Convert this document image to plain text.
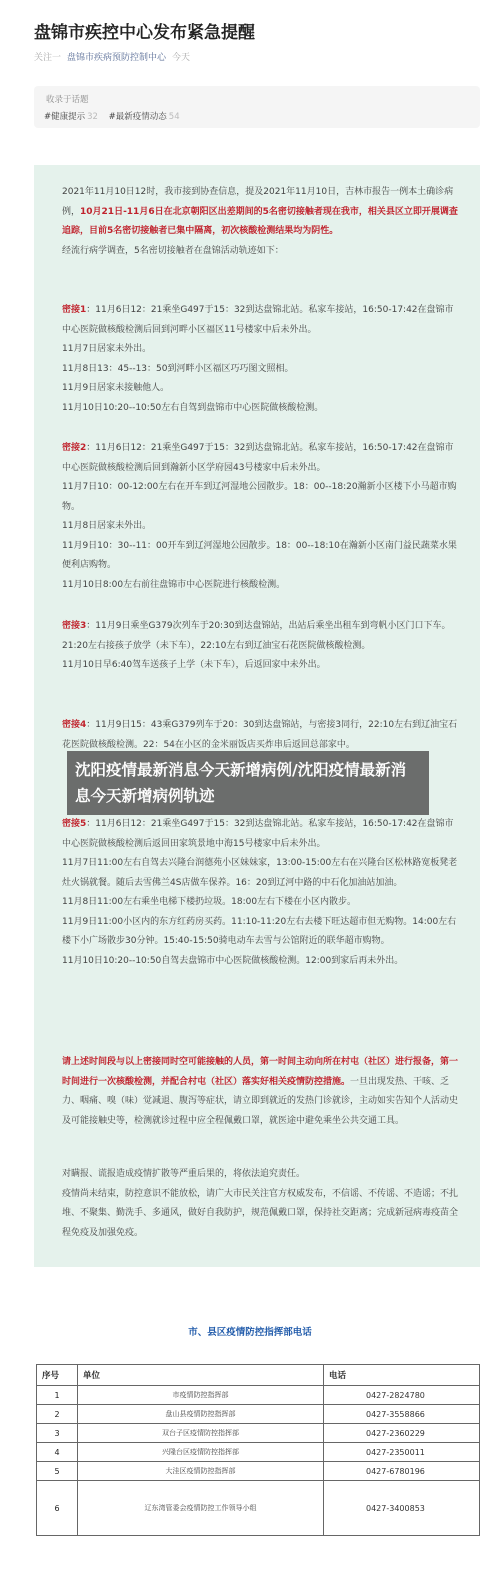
盘锦市疾控中心发布紧急提醒
关注一 盘锦市疾病预防控制中心 今天
收录于话题
#健康提示 32 #最新疫情动态 54
2021年11月10日12时，我市接到协查信息，提及2021年11月10日，吉林市报告一例本土确诊病例，10月21日-11月6日在北京朝阳区出差期间的5名密切接触者现在我市，相关县区立即开展调查追踪，目前5名密切接触者已集中隔离，初次核酸检测结果均为阴性。
经流行病学调查，5名密切接触者在盘锦活动轨迹如下：
密接1：11月6日12：21乘坐G497于15：32到达盘锦北站。私家车接站，16:50-17:42在盘锦市中心医院做核酸检测后回到河畔小区福区11号楼家中后未外出。
11月7日居家未外出。
11月8日13：45--13：50到河畔小区福区巧巧图文照相。
11月9日居家未接触他人。
11月10日10:20--10:50左右自驾到盘锦市中心医院做核酸检测。
密接2：11月6日12：21乘坐G497于15：32到达盘锦北站。私家车接站，16:50-17:42在盘锦市中心医院做核酸检测后回到瀚新小区学府园43号楼家中后未外出。
11月7日10：00-12:00左右在开车到辽河湿地公园散步。18：00--18:20瀚新小区楼下小马超市购物。
11月8日居家未外出。
11月9日10：30--11：00开车到辽河湿地公园散步。18：00--18:10在瀚新小区南门益民蔬菜水果便利店购物。
11月10日8:00左右前往盘锦市中心医院进行核酸检测。
密接3：11月9日乘坐G379次列车于20:30到达盘锦站，出站后乘坐出租车到弯帆小区门口下车。21:20左右接孩子放学（未下车），22:10左右到辽油宝石花医院做核酸检测。
11月10日早6:40驾车送孩子上学（未下车），后返回家中未外出。
密接4：11月9日15：43乘G379列车于20：30到达盘锦站，与密接3同行，22:10左右到辽油宝石花医院做核酸检测。22：54在小区的金米丽饭店买炸串后返回总部家中。
密接5：11月6日12：21乘坐G497于15：32到达盘锦北站。私家车接站，16:50-17:42在盘锦市中心医院做核酸检测后返回田家筑景地中海15号楼家中后未外出。
11月7日11:00左右自驾去兴隆台润德苑小区妹妹家，13:00-15:00左右在兴隆台区松林路宽板凳老灶火锅就餐。随后去雪佛兰4S店做车保养。16：20到辽河中路的中石化加油站加油。
11月8日11:00左右乘坐电梯下楼扔垃圾。18:00左右下楼在小区内散步。
11月9日11:00小区内的东方红药房买药。11:10-11:20左右去楼下旺达超市但无购物。14:00左右楼下小广场散步30分钟。15:40-15:50骑电动车去雪与公馆附近的联华超市购物。
11月10日10:20--10:50自驾去盘锦市中心医院做核酸检测。12:00到家后再未外出。
请上述时间段与以上密接同时空可能接触的人员，第一时间主动向所在村屯（社区）进行报备，第一时间进行一次核酸检测，并配合村屯（社区）落实好相关疫情防控措施。一旦出现发热、干咳、乏力、咽痛、嗅（味）觉减退、腹泻等症状，请立即到就近的发热门诊就诊，主动如实告知个人活动史及可能接触史等，检测就诊过程中应全程佩戴口罩，就医途中避免乘坐公共交通工具。
对瞒报、谎报造成疫情扩散等严重后果的，将依法追究责任。
疫情尚未结束，防控意识不能放松，请广大市民关注官方权威发布，不信谣、不传谣、不造谣；不扎堆、不聚集、勤洗手、多通风，做好自我防护，规范佩戴口罩，保持社交距离；完成新冠病毒疫苗全程免疫及加强免疫。
沈阳疫情最新消息今天新增病例/沈阳疫情最新消息今天新增病例轨迹
市、县区疫情防控指挥部电话
序号	单位	电话
1	市疫情防控指挥部	0427-2824780
2	盘山县疫情防控指挥部	0427-3558866
3	双台子区疫情防控指挥部	0427-2360229
4	兴隆台区疫情防控指挥部	0427-2350011
5	大洼区疫情防控指挥部	0427-6780196
6	辽东湾管委会疫情防控工作领导小组	0427-3400853
